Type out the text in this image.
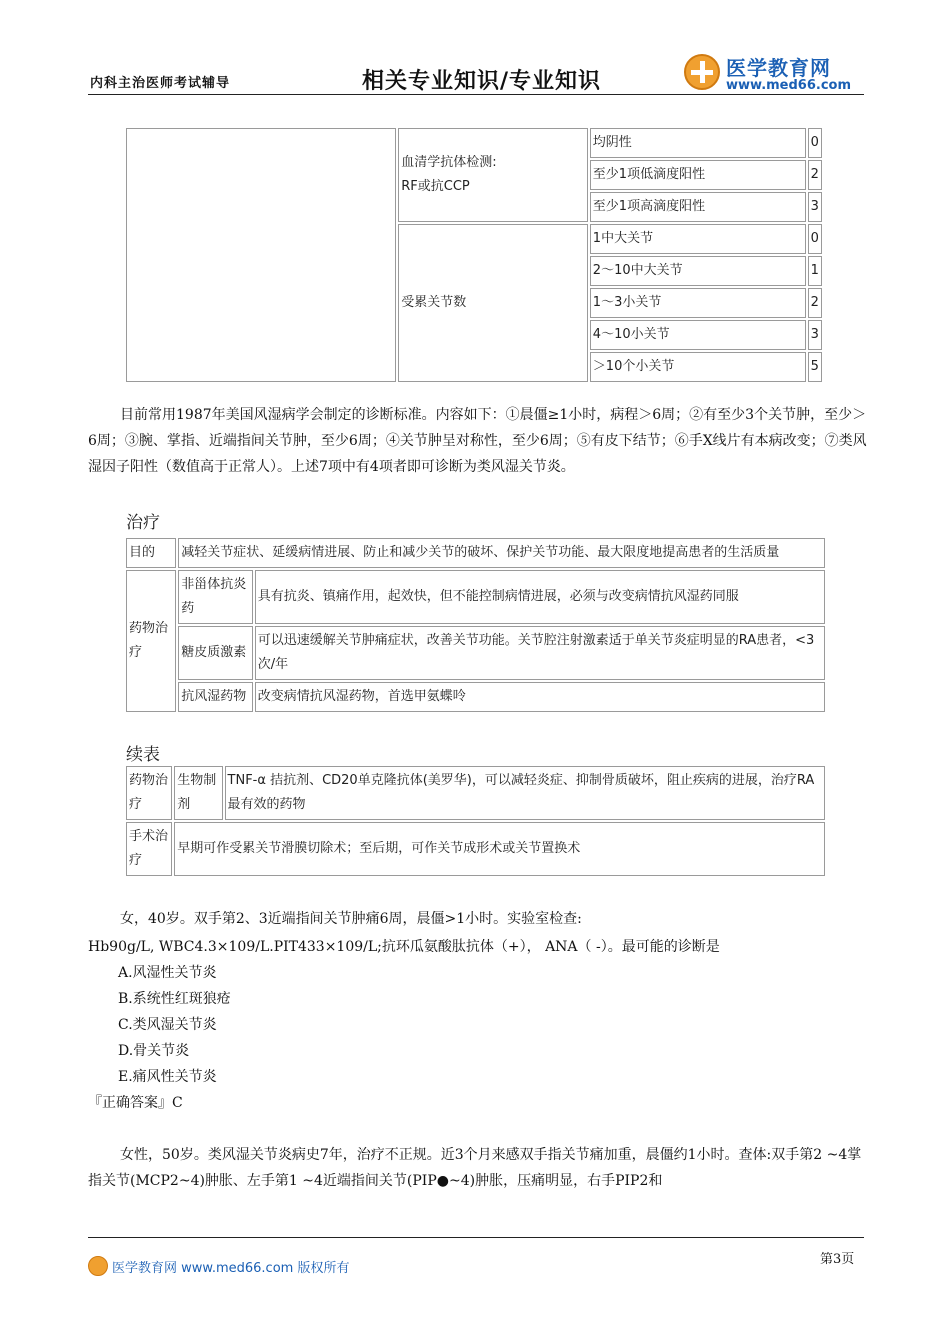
内科主治医师考试辅导	相关专业知识/专业知识
医学教育网
www.med66.com

	血清学抗体检测:
RF或抗CCP	均阴性	0
		至少1项低滴度阳性	2
		至少1项高滴度阳性	3
	受累关节数	1中大关节	0
		2～10中大关节	1
		1～3小关节	2
		4～10小关节	3
		＞10个小关节	5
目前常用1987年美国风湿病学会制定的诊断标准。内容如下：①晨僵≥1小时，病程＞6周；②有至少3个关节肿，至少＞6周；③腕、掌指、近端指间关节肿，至少6周；④关节肿呈对称性，至少6周；⑤有皮下结节；⑥手X线片有本病改变；⑦类风湿因子阳性（数值高于正常人）。上述7项中有4项者即可诊断为类风湿关节炎。
治疗
目的	减轻关节症状、延缓病情进展、防止和减少关节的破坏、保护关节功能、最大限度地提高患者的生活质量	
药物治疗	非甾体抗炎药	具有抗炎、镇痛作用，起效快，但不能控制病情进展，必须与改变病情抗风湿药同服
	糖皮质激素	可以迅速缓解关节肿痛症状，改善关节功能。关节腔注射激素适于单关节炎症明显的RA患者，<3次/年
	抗风湿药物	改变病情抗风湿药物，首选甲氨蝶呤
续表
药物治疗	生物制剂	TNF-α 拮抗剂、CD20单克隆抗体(美罗华)，可以减轻炎症、抑制骨质破坏，阻止疾病的进展，治疗RA最有效的药物
手术治疗	早期可作受累关节滑膜切除术；至后期，可作关节成形术或关节置换术	
女，40岁。双手第2、3近端指间关节肿痛6周，晨僵>1小时。实验室检查:
Hb90g/L, WBC4.3×109/L.PIT433×109/L;抗环瓜氨酸肽抗体（+）， ANA（ -）。最可能的诊断是
A.风湿性关节炎
B.系统性红斑狼疮
C.类风湿关节炎
D.骨关节炎
E.痛风性关节炎
『正确答案』C
女性，50岁。类风湿关节炎病史7年，治疗不正规。近3个月来感双手指关节痛加重，晨僵约1小时。查体:双手第2 ~4掌指关节(MCP2~4)肿胀、左手第1 ~4近端指间关节(PIP●~4)肿胀，压痛明显，右手PIP2和
医学教育网 www.med66.com 版权所有
第3页
